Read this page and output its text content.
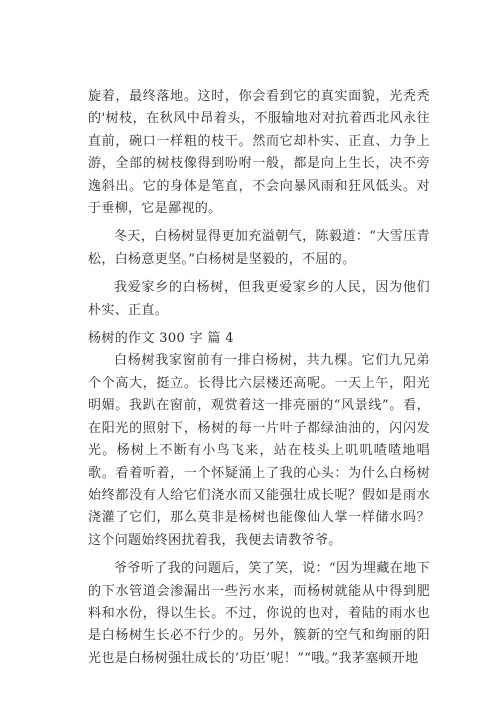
旋着，最终落地。这时，你会看到它的真实面貌，光秃秃的'树枝，在秋风中昂着头，不服输地对对抗着西北风永往直前，碗口一样粗的枝干。然而它却朴实、正直、力争上游，全部的树枝像得到吩咐一般，都是向上生长，决不旁逸斜出。它的身体是笔直，不会向暴风雨和狂风低头。对于垂柳，它是鄙视的。

冬天，白杨树显得更加充溢朝气，陈毅道：“大雪压青松，白杨意更坚。”白杨树是坚毅的，不屈的。

我爱家乡的白杨树，但我更爱家乡的人民，因为他们朴实、正直。

杨树的作文 300 字 篇 4

白杨树我家窗前有一排白杨树，共九棵。它们九兄弟个个高大，挺立。长得比六层楼还高呢。一天上午，阳光明媚。我趴在窗前，观赏着这一排亮丽的“风景线”。看，在阳光的照射下，杨树的每一片叶子都绿油油的，闪闪发光。杨树上不断有小鸟飞来，站在枝头上叽叽喳喳地唱歌。看着听着，一个怀疑涌上了我的心头：为什么白杨树始终都没有人给它们浇水而又能强壮成长呢？假如是雨水浇灌了它们，那么莫非是杨树也能像仙人掌一样储水吗？这个问题始终困扰着我，我便去请教爷爷。

爷爷听了我的问题后，笑了笑，说：“因为埋藏在地下的下水管道会渗漏出一些污水来，而杨树就能从中得到肥料和水份，得以生长。不过，你说的也对，着陆的雨水也是白杨树生长必不行少的。另外，簇新的空气和绚丽的阳光也是白杨树强壮成长的‘功臣’呢！”“哦。”我茅塞顿开地
